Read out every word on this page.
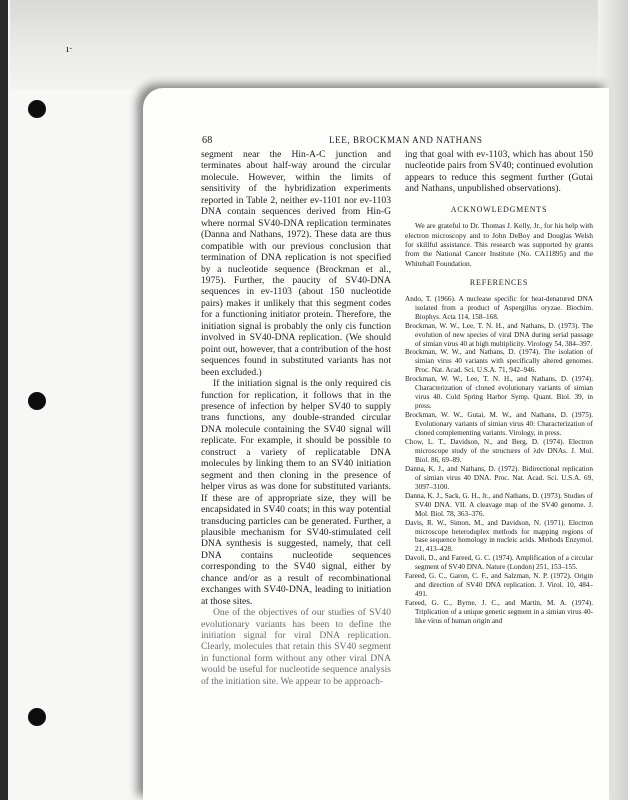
ı·
68	LEE, BROCKMAN AND NATHANS

segment near the Hin-A-C junction and terminates about half-way around the circular molecule. However, within the limits of sensitivity of the hybridization experiments reported in Table 2, neither ev-1101 nor ev-1103 DNA contain sequences derived from Hin-G where normal SV40-DNA replication terminates (Danna and Nathans, 1972). These data are thus compatible with our previous conclusion that termination of DNA replication is not specified by a nucleotide sequence (Brockman et al., 1975). Further, the paucity of SV40-DNA sequences in ev-1103 (about 150 nucleotide pairs) makes it unlikely that this segment codes for a functioning initiator protein. Therefore, the initiation signal is probably the only cis function involved in SV40-DNA replication. (We should point out, however, that a contribution of the host sequences found in substituted variants has not been excluded.)

If the initiation signal is the only required cis function for replication, it follows that in the presence of infection by helper SV40 to supply trans functions, any double-stranded circular DNA molecule containing the SV40 signal will replicate. For example, it should be possible to construct a variety of replicatable DNA molecules by linking them to an SV40 initiation segment and then cloning in the presence of helper virus as was done for substituted variants. If these are of appropriate size, they will be encapsidated in SV40 coats; in this way potential transducing particles can be generated. Further, a plausible mechanism for SV40-stimulated cell DNA synthesis is suggested, namely, that cell DNA contains nucleotide sequences corresponding to the SV40 signal, either by chance and/or as a result of recombinational exchanges with SV40-DNA, leading to initiation at those sites.

One of the objectives of our studies of SV40 evolutionary variants has been to define the initiation signal for viral DNA replication. Clearly, molecules that retain this SV40 segment in functional form without any other viral DNA would be useful for nucleotide sequence analysis of the initiation site. We appear to be approach-

ing that goal with ev-1103, which has about 150 nucleotide pairs from SV40; continued evolution appears to reduce this segment further (Gutai and Nathans, unpublished observations).

ACKNOWLEDGMENTS

We are grateful to Dr. Thomas J. Kelly, Jr., for his help with electron microscopy and to John DeBoy and Douglas Welsh for skillful assistance. This research was supported by grants from the National Cancer Institute (No. CA11895) and the Whitehall Foundation.

REFERENCES

Ando, T. (1966). A nuclease specific for heat-denatured DNA isolated from a product of Aspergillus oryzae. Biochim. Biophys. Acta 114, 158–168.

Brockman, W. W., Lee, T. N. H., and Nathans, D. (1973). The evolution of new species of viral DNA during serial passage of simian virus 40 at high multiplicity. Virology 54, 384–397.

Brockman, W. W., and Nathans, D. (1974). The isolation of simian virus 40 variants with specifically altered genomes. Proc. Nat. Acad. Sci. U.S.A. 71, 942–946.

Brockman, W. W., Lee, T. N. H., and Nathans, D. (1974). Characterization of cloned evolutionary variants of simian virus 40. Cold Spring Harbor Symp. Quant. Biol. 39, in press.

Brockman, W. W., Gutai, M. W., and Nathans, D. (1975). Evolutionary variants of simian virus 40: Characterization of cloned complementing variants. Virology, in press.

Chow, L. T., Davidson, N., and Berg, D. (1974). Electron microscope study of the structures of λdv DNAs. J. Mol. Biol. 86, 69–89.

Danna, K. J., and Nathans, D. (1972). Bidirectional replication of simian virus 40 DNA. Proc. Nat. Acad. Sci. U.S.A. 69, 3097–3100.

Danna, K. J., Sack, G. H., Jr., and Nathans, D. (1973). Studies of SV40 DNA. VII. A cleavage map of the SV40 genome. J. Mol. Biol. 78, 363–376.

Davis, R. W., Simon, M., and Davidson, N. (1971). Electron microscope heteroduplex methods for mapping regions of base sequence homology in nucleic acids. Methods Enzymol. 21, 413–428.

Davoli, D., and Fareed, G. C. (1974). Amplification of a circular segment of SV40 DNA. Nature (London) 251, 153–155.

Fareed, G. C., Garon, C. F., and Salzman, N. P. (1972). Origin and direction of SV40 DNA replication. J. Virol. 10, 484–491.

Fareed, G. C., Byrne, J. C., and Martin, M. A. (1974). Triplication of a unique genetic segment in a simian virus 40-like virus of human origin and
